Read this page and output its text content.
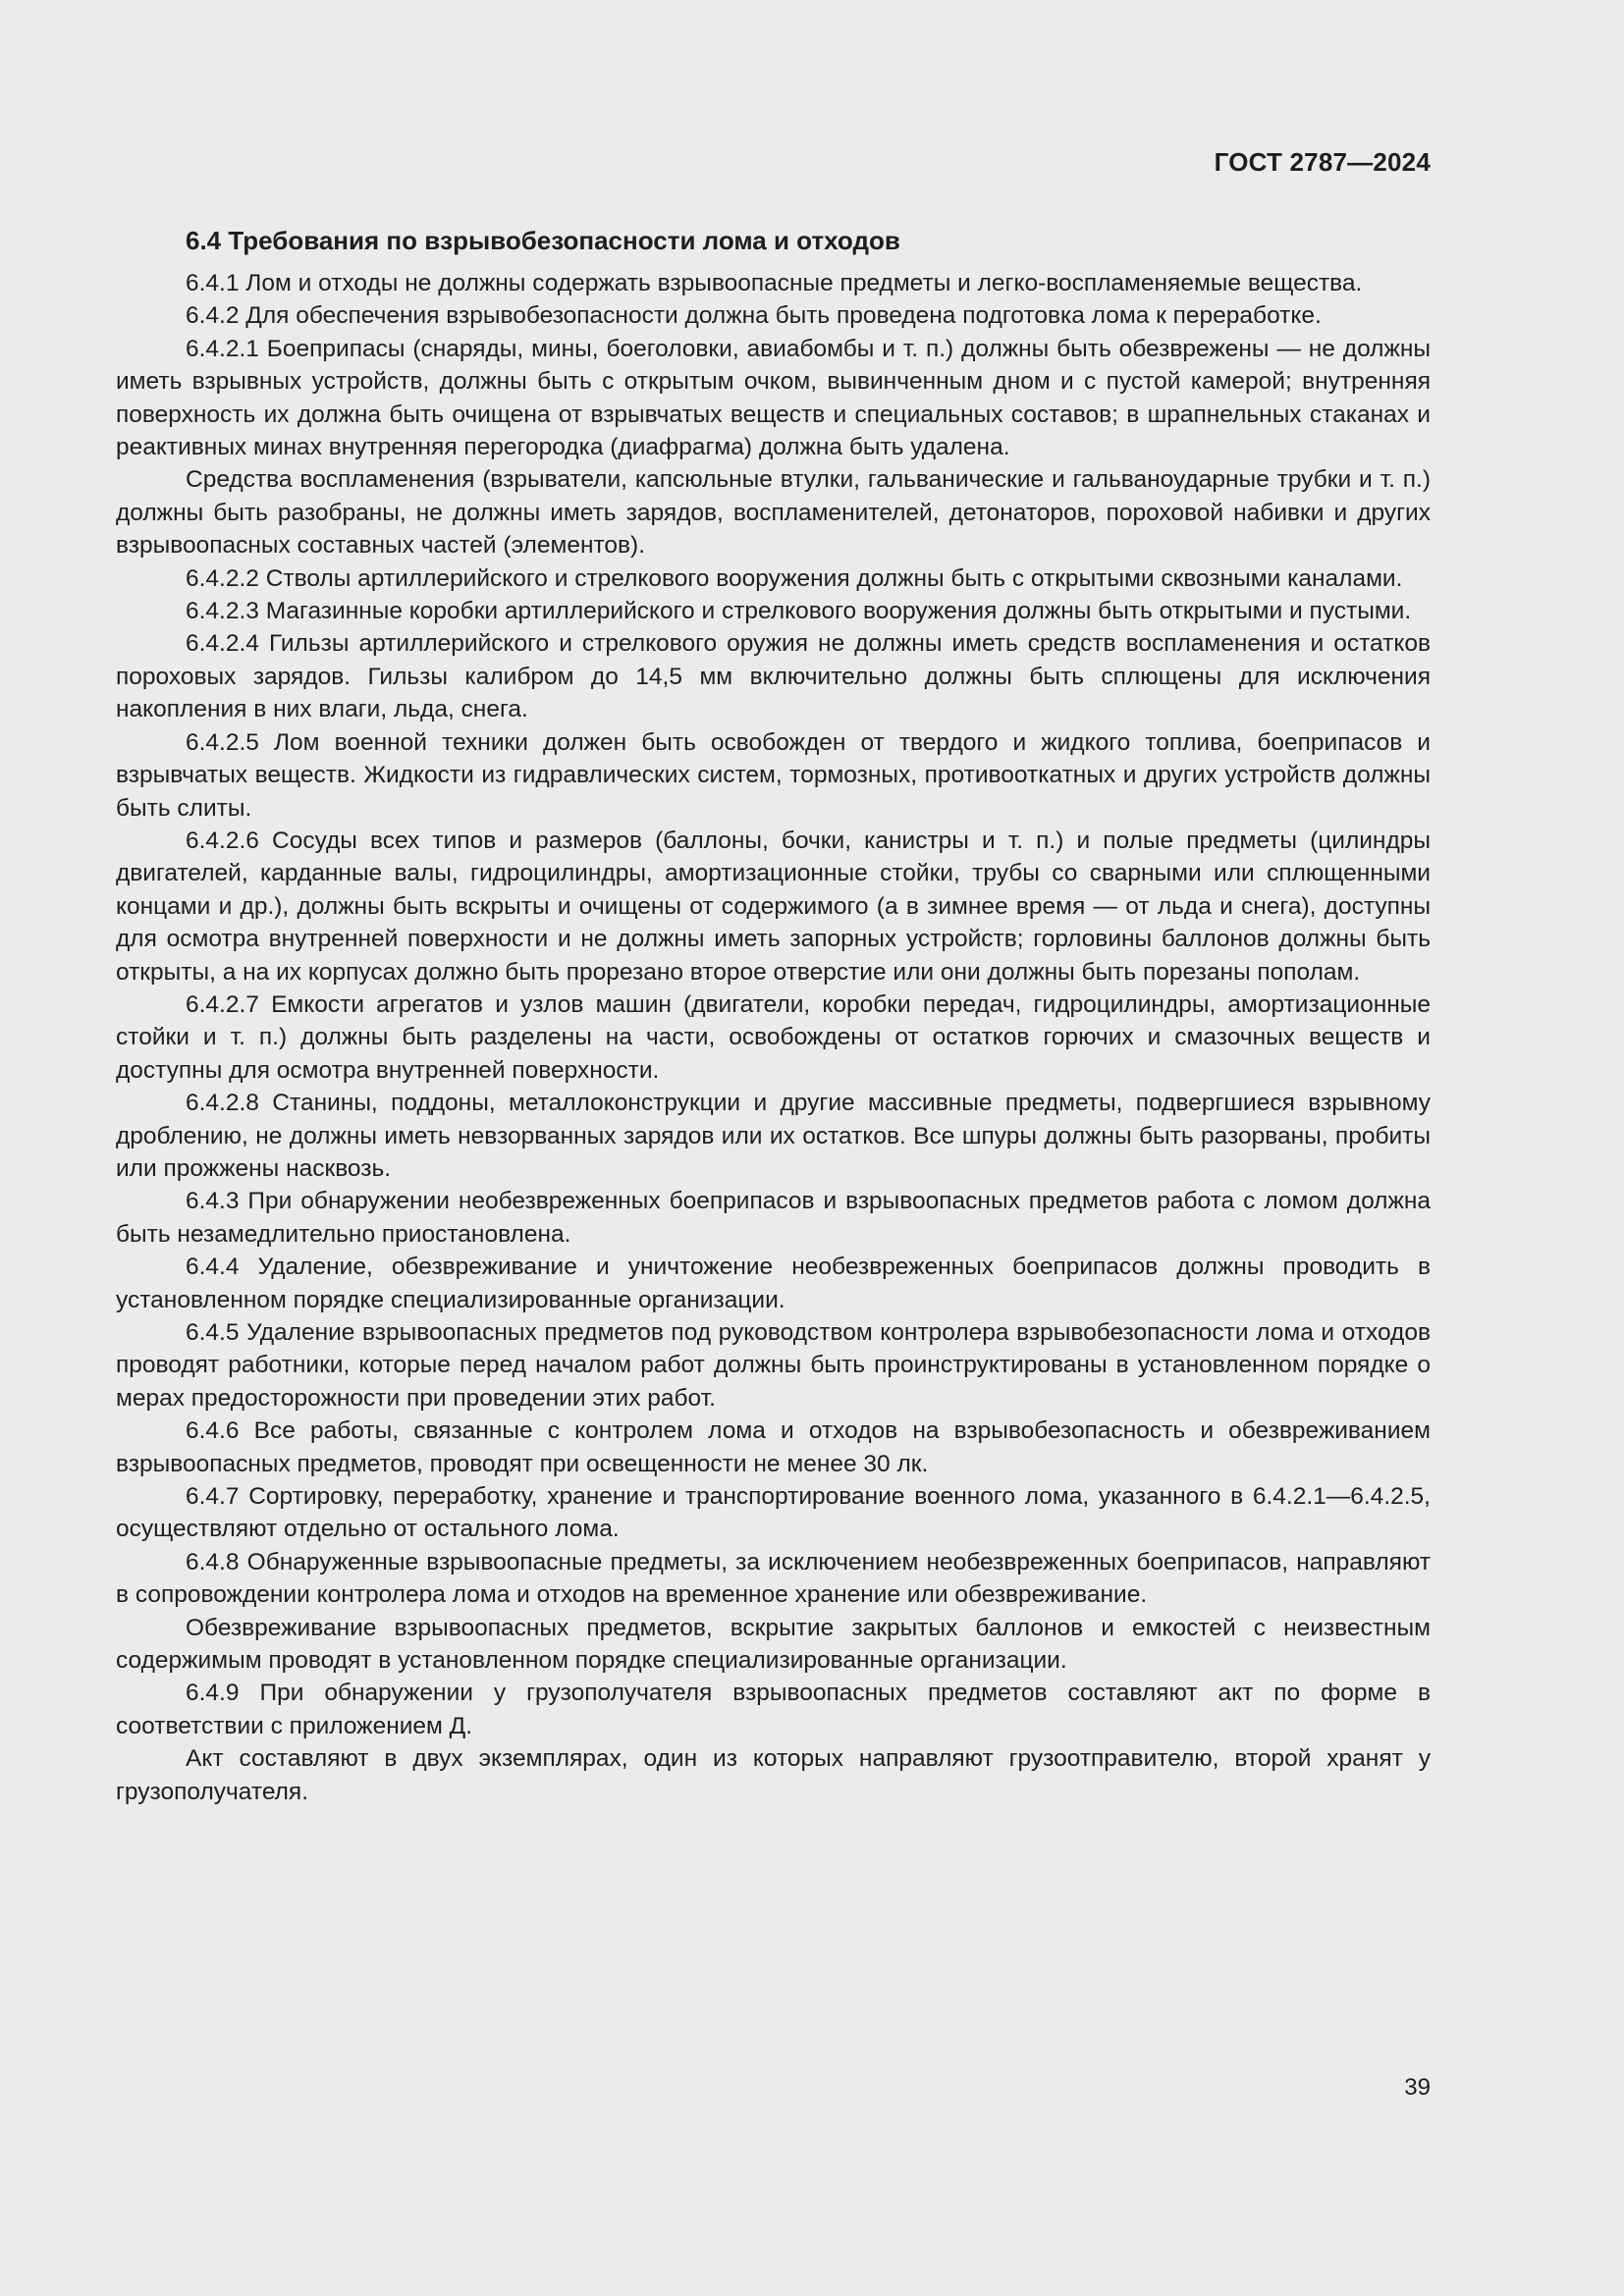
ГОСТ 2787—2024

6.4 Требования по взрывобезопасности лома и отходов

6.4.1 Лом и отходы не должны содержать взрывоопасные предметы и легко-воспламеняемые вещества.

6.4.2 Для обеспечения взрывобезопасности должна быть проведена подготовка лома к переработке.

6.4.2.1 Боеприпасы (снаряды, мины, боеголовки, авиабомбы и т. п.) должны быть обезврежены — не должны иметь взрывных устройств, должны быть с открытым очком, вывинченным дном и с пустой камерой; внутренняя поверхность их должна быть очищена от взрывчатых веществ и специальных составов; в шрапнельных стаканах и реактивных минах внутренняя перегородка (диафрагма) должна быть удалена.

Средства воспламенения (взрыватели, капсюльные втулки, гальванические и гальваноударные трубки и т. п.) должны быть разобраны, не должны иметь зарядов, воспламенителей, детонаторов, пороховой набивки и других взрывоопасных составных частей (элементов).

6.4.2.2 Стволы артиллерийского и стрелкового вооружения должны быть с открытыми сквозными каналами.

6.4.2.3 Магазинные коробки артиллерийского и стрелкового вооружения должны быть открытыми и пустыми.

6.4.2.4 Гильзы артиллерийского и стрелкового оружия не должны иметь средств воспламенения и остатков пороховых зарядов. Гильзы калибром до 14,5 мм включительно должны быть сплющены для исключения накопления в них влаги, льда, снега.

6.4.2.5 Лом военной техники должен быть освобожден от твердого и жидкого топлива, боеприпасов и взрывчатых веществ. Жидкости из гидравлических систем, тормозных, противооткатных и других устройств должны быть слиты.

6.4.2.6 Сосуды всех типов и размеров (баллоны, бочки, канистры и т. п.) и полые предметы (цилиндры двигателей, карданные валы, гидроцилиндры, амортизационные стойки, трубы со сварными или сплющенными концами и др.), должны быть вскрыты и очищены от содержимого (а в зимнее время — от льда и снега), доступны для осмотра внутренней поверхности и не должны иметь запорных устройств; горловины баллонов должны быть открыты, а на их корпусах должно быть прорезано второе отверстие или они должны быть порезаны пополам.

6.4.2.7 Емкости агрегатов и узлов машин (двигатели, коробки передач, гидроцилиндры, амортизационные стойки и т. п.) должны быть разделены на части, освобождены от остатков горючих и смазочных веществ и доступны для осмотра внутренней поверхности.

6.4.2.8 Станины, поддоны, металлоконструкции и другие массивные предметы, подвергшиеся взрывному дроблению, не должны иметь невзорванных зарядов или их остатков. Все шпуры должны быть разорваны, пробиты или прожжены насквозь.

6.4.3 При обнаружении необезвреженных боеприпасов и взрывоопасных предметов работа с ломом должна быть незамедлительно приостановлена.

6.4.4 Удаление, обезвреживание и уничтожение необезвреженных боеприпасов должны проводить в установленном порядке специализированные организации.

6.4.5 Удаление взрывоопасных предметов под руководством контролера взрывобезопасности лома и отходов проводят работники, которые перед началом работ должны быть проинструктированы в установленном порядке о мерах предосторожности при проведении этих работ.

6.4.6 Все работы, связанные с контролем лома и отходов на взрывобезопасность и обезвреживанием взрывоопасных предметов, проводят при освещенности не менее 30 лк.

6.4.7 Сортировку, переработку, хранение и транспортирование военного лома, указанного в 6.4.2.1—6.4.2.5, осуществляют отдельно от остального лома.

6.4.8 Обнаруженные взрывоопасные предметы, за исключением необезвреженных боеприпасов, направляют в сопровождении контролера лома и отходов на временное хранение или обезвреживание.

Обезвреживание взрывоопасных предметов, вскрытие закрытых баллонов и емкостей с неизвестным содержимым проводят в установленном порядке специализированные организации.

6.4.9 При обнаружении у грузополучателя взрывоопасных предметов составляют акт по форме в соответствии с приложением Д.

Акт составляют в двух экземплярах, один из которых направляют грузоотправителю, второй хранят у грузополучателя.

39
